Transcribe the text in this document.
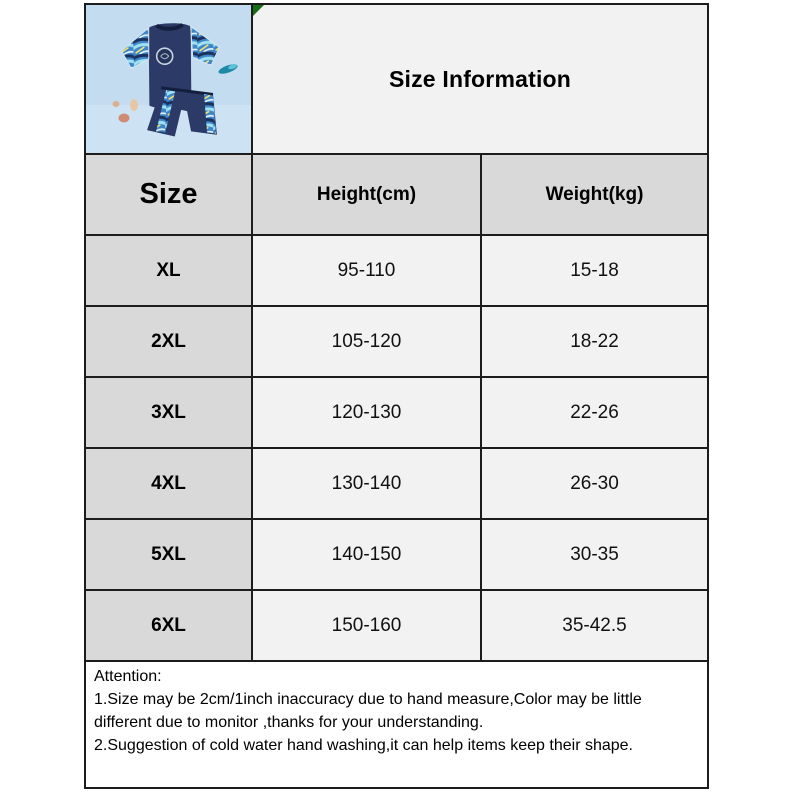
Size Information	
Size	Height(cm)	Weight(kg)
XL	95-110	15-18
2XL	105-120	18-22
3XL	120-130	22-26
4XL	130-140	26-30
5XL	140-150	30-35
6XL	150-160	35-42.5

Attention:
1.Size may be 2cm/1inch inaccuracy due to hand measure,Color may be little different due to monitor ,thanks for your understanding.
2.Suggestion of cold water hand washing,it can help items keep their shape.		
